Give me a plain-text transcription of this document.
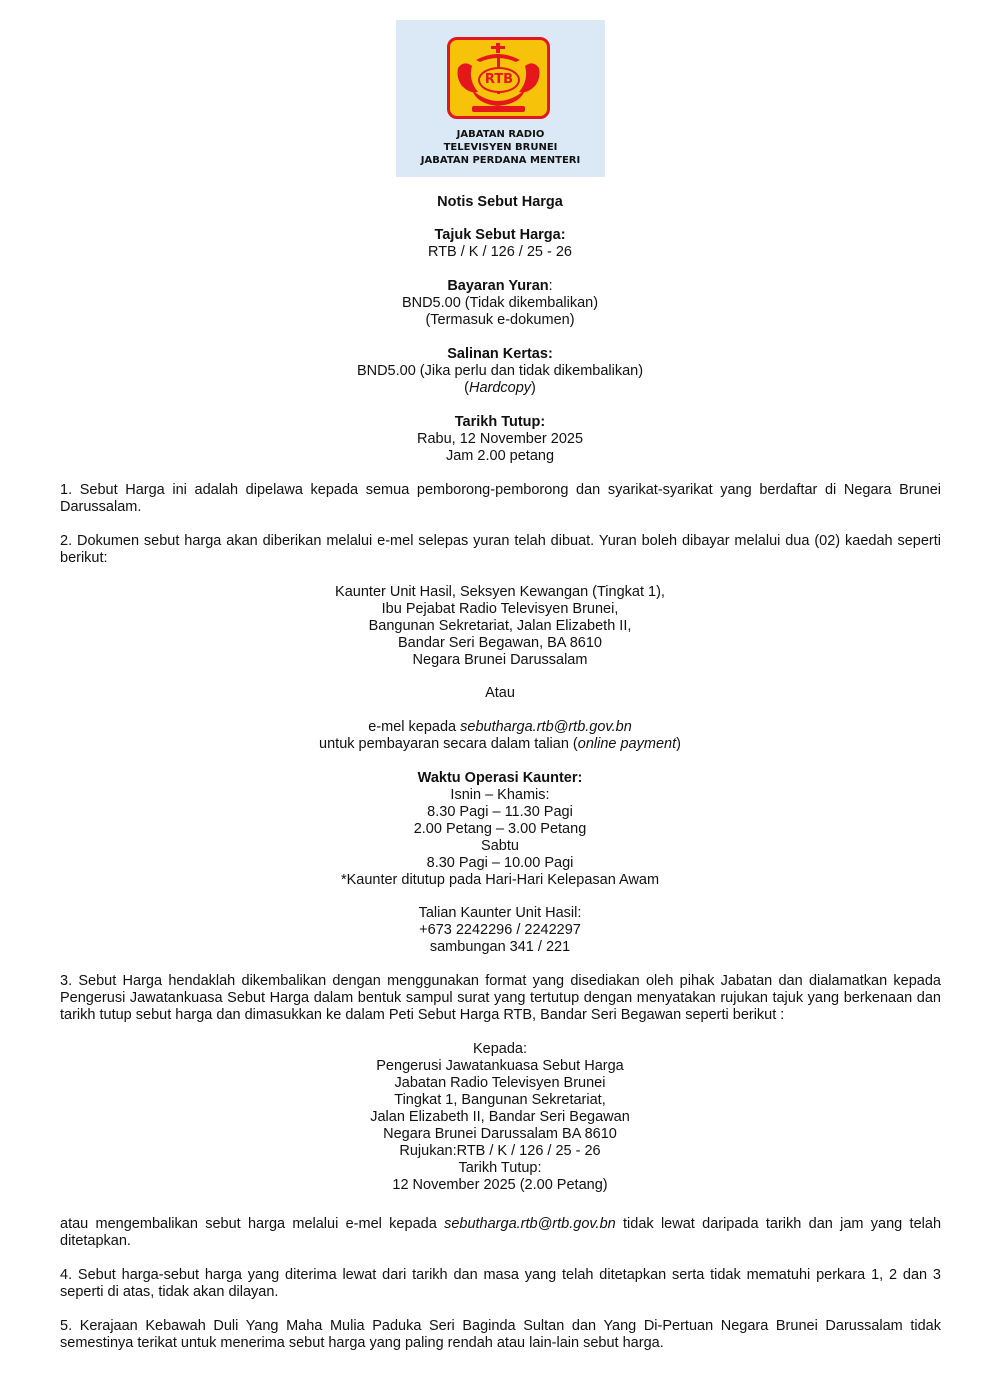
RTB
JABATAN RADIO
TELEVISYEN BRUNEI
JABATAN PERDANA MENTERI
Notis Sebut Harga

Tajuk Sebut Harga:

RTB / K / 126 / 25 - 26

Bayaran Yuran:

BND5.00 (Tidak dikembalikan)

(Termasuk e-dokumen)

Salinan Kertas:

BND5.00 (Jika perlu dan tidak dikembalikan)

(Hardcopy)

Tarikh Tutup:

Rabu, 12 November 2025

Jam 2.00 petang

1. Sebut Harga ini adalah dipelawa kepada semua pemborong-pemborong dan syarikat-syarikat yang berdaftar di Negara Brunei Darussalam.

2. Dokumen sebut harga akan diberikan melalui e-mel selepas yuran telah dibuat. Yuran boleh dibayar melalui dua (02) kaedah seperti berikut:

Kaunter Unit Hasil, Seksyen Kewangan (Tingkat 1),

Ibu Pejabat Radio Televisyen Brunei,

Bangunan Sekretariat, Jalan Elizabeth II,

Bandar Seri Begawan, BA 8610

Negara Brunei Darussalam

Atau

e-mel kepada sebutharga.rtb@rtb.gov.bn

untuk pembayaran secara dalam talian (online payment)

Waktu Operasi Kaunter:

Isnin – Khamis:

8.30 Pagi – 11.30 Pagi

2.00 Petang – 3.00 Petang

Sabtu

8.30 Pagi – 10.00 Pagi

*Kaunter ditutup pada Hari-Hari Kelepasan Awam

Talian Kaunter Unit Hasil:

+673 2242296 / 2242297

sambungan 341 / 221

3. Sebut Harga hendaklah dikembalikan dengan menggunakan format yang disediakan oleh pihak Jabatan dan dialamatkan kepada Pengerusi Jawatankuasa Sebut Harga dalam bentuk sampul surat yang tertutup dengan menyatakan rujukan tajuk yang berkenaan dan tarikh tutup sebut harga dan dimasukkan ke dalam Peti Sebut Harga RTB, Bandar Seri Begawan seperti berikut :

Kepada:

Pengerusi Jawatankuasa Sebut Harga

Jabatan Radio Televisyen Brunei

Tingkat 1, Bangunan Sekretariat,

Jalan Elizabeth II, Bandar Seri Begawan

Negara Brunei Darussalam BA 8610

Rujukan:RTB / K / 126 / 25 - 26

Tarikh Tutup:

12 November 2025 (2.00 Petang)

atau mengembalikan sebut harga melalui e-mel kepada sebutharga.rtb@rtb.gov.bn tidak lewat daripada tarikh dan jam yang telah ditetapkan.

4. Sebut harga-sebut harga yang diterima lewat dari tarikh dan masa yang telah ditetapkan serta tidak mematuhi perkara 1, 2 dan 3 seperti di atas, tidak akan dilayan.

5. Kerajaan Kebawah Duli Yang Maha Mulia Paduka Seri Baginda Sultan dan Yang Di-Pertuan Negara Brunei Darussalam tidak semestinya terikat untuk menerima sebut harga yang paling rendah atau lain-lain sebut harga.
